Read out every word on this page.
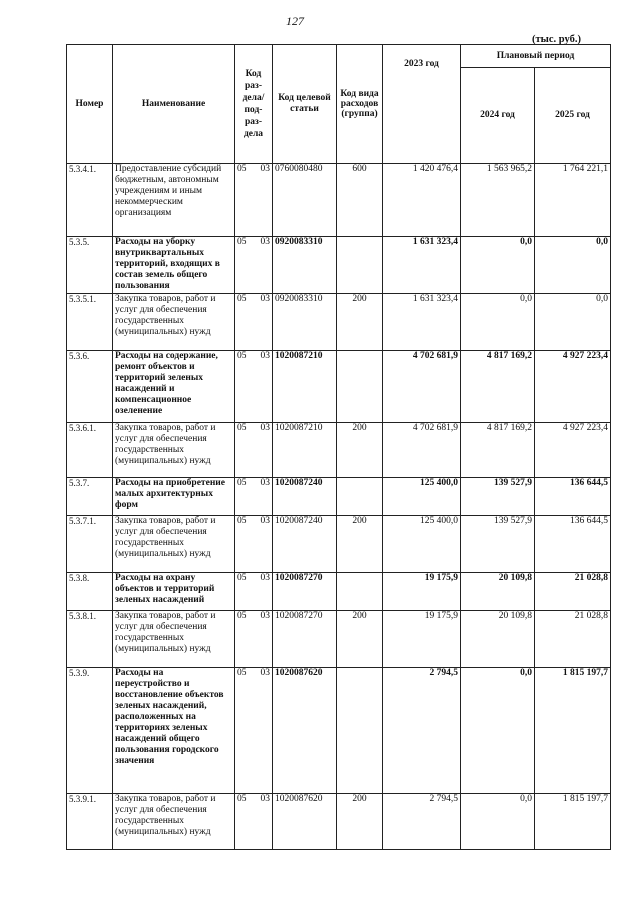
127
(тыс. руб.)
Номер	Наименование	Код раз-дела/ под-раз-дела	Код целевой статьи	Код вида расходов (группа)	2023 год	Плановый период	
						2024 год	2025 год
5.3.4.1.	Предоставление субсидий бюджетным, автономным учреждениям и иным некоммерческим организациям	05 03	0760080480	600	1 420 476,4	1 563 965,2	1 764 221,1
5.3.5.	Расходы на уборку внутриквартальных территорий, входящих в состав земель общего пользования	05 03	0920083310		1 631 323,4	0,0	0,0
5.3.5.1.	Закупка товаров, работ и услуг для обеспечения государственных (муниципальных) нужд	05 03	0920083310	200	1 631 323,4	0,0	0,0
5.3.6.	Расходы на содержание, ремонт объектов и территорий зеленых насаждений и компенсационное озеленение	05 03	1020087210		4 702 681,9	4 817 169,2	4 927 223,4
5.3.6.1.	Закупка товаров, работ и услуг для обеспечения государственных (муниципальных) нужд	05 03	1020087210	200	4 702 681,9	4 817 169,2	4 927 223,4
5.3.7.	Расходы на приобретение малых архитектурных форм	05 03	1020087240		125 400,0	139 527,9	136 644,5
5.3.7.1.	Закупка товаров, работ и услуг для обеспечения государственных (муниципальных) нужд	05 03	1020087240	200	125 400,0	139 527,9	136 644,5
5.3.8.	Расходы на охрану объектов и территорий зеленых насаждений	05 03	1020087270		19 175,9	20 109,8	21 028,8
5.3.8.1.	Закупка товаров, работ и услуг для обеспечения государственных (муниципальных) нужд	05 03	1020087270	200	19 175,9	20 109,8	21 028,8
5.3.9.	Расходы на переустройство и восстановление объектов зеленых насаждений, расположенных на территориях зеленых насаждений общего пользования городского значения	05 03	1020087620		2 794,5	0,0	1 815 197,7
5.3.9.1.	Закупка товаров, работ и услуг для обеспечения государственных (муниципальных) нужд	05 03	1020087620	200	2 794,5	0,0	1 815 197,7
